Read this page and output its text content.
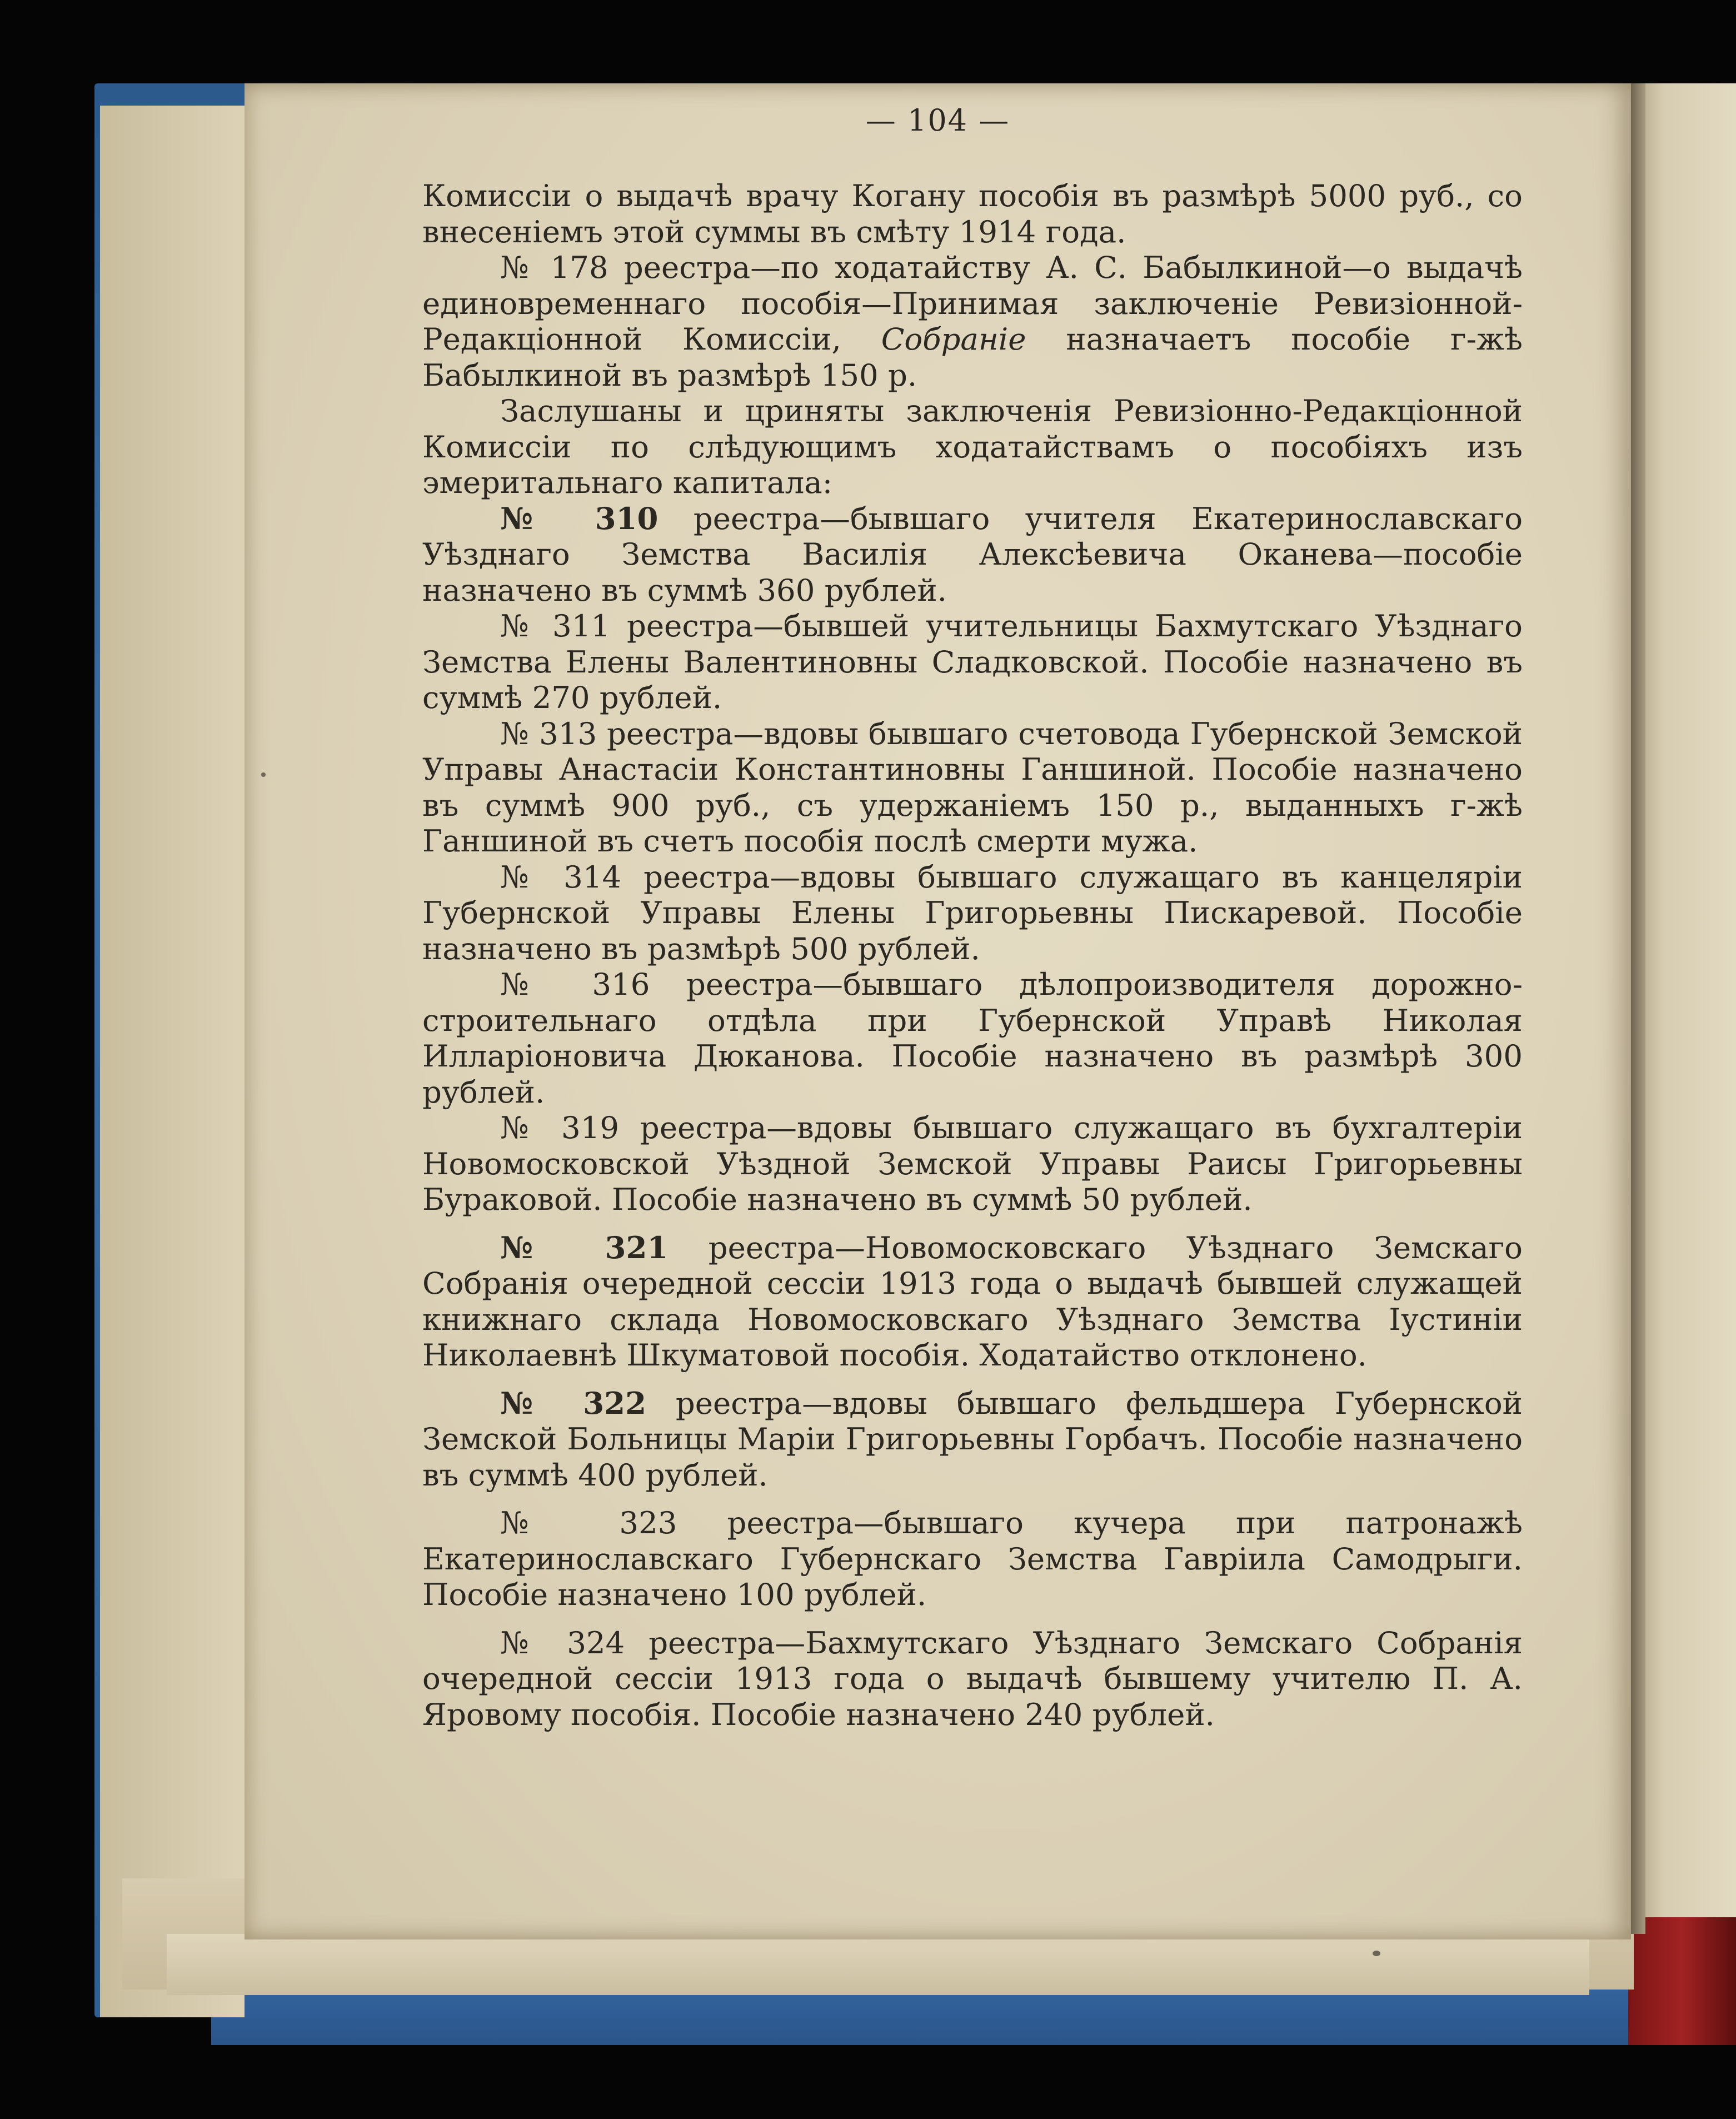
— 104 —

Комиссіи о выдачѣ врачу Когану пособія въ размѣрѣ 5000 руб., со внесеніемъ этой суммы въ смѣту 1914 года.

№ 178 реестра—по ходатайству А. С. Бабылкиной—о выдачѣ единовременнаго пособія—Принимая заключеніе Ревизіонной-Редакціонной Комиссіи, Собраніе назначаетъ пособіе г-жѣ Бабылкиной въ размѣрѣ 150 р.

Заслушаны и цриняты заключенія Ревизіонно-Редакціонной Комиссіи по слѣдующимъ ходатайствамъ о пособіяхъ изъ эмеритальнаго капитала:

№ 310 реестра—бывшаго учителя Екатеринославскаго Уѣзднаго Земства Василія Алексѣевича Оканева—пособіе назначено въ суммѣ 360 рублей.

№ 311 реестра—бывшей учительницы Бахмутскаго Уѣзднаго Земства Елены Валентиновны Сладковской. Пособіе назначено въ суммѣ 270 рублей.

№ 313 реестра—вдовы бывшаго счетовода Губернской Земской Управы Анастасіи Константиновны Ганшиной. Пособіе назначено въ суммѣ 900 руб., съ удержаніемъ 150 р., выданныхъ г-жѣ Ганшиной въ счетъ пособія послѣ смерти мужа.

№ 314 реестра—вдовы бывшаго служащаго въ канцеляріи Губернской Управы Елены Григорьевны Пискаревой. Пособіе назначено въ размѣрѣ 500 рублей.

№ 316 реестра—бывшаго дѣлопроизводителя дорожно-строительнаго отдѣла при Губернской Управѣ Николая Илларіоновича Дюканова. Пособіе назначено въ размѣрѣ 300 рублей.

№ 319 реестра—вдовы бывшаго служащаго въ бухгалтеріи Новомосковской Уѣздной Земской Управы Раисы Григорьевны Бураковой. Пособіе назначено въ суммѣ 50 рублей.

№ 321 реестра—Новомосковскаго Уѣзднаго Земскаго Собранія очередной сессіи 1913 года о выдачѣ бывшей служащей книжнаго склада Новомосковскаго Уѣзднаго Земства Іустиніи Николаевнѣ Шкуматовой пособія. Ходатайство отклонено.

№ 322 реестра—вдовы бывшаго фельдшера Губернской Земской Больницы Маріи Григорьевны Горбачъ. Пособіе назначено въ суммѣ 400 рублей.

№ 323 реестра—бывшаго кучера при патронажѣ Екатеринославскаго Губернскаго Земства Гавріила Самодрыги. Пособіе назначено 100 рублей.

№ 324 реестра—Бахмутскаго Уѣзднаго Земскаго Собранія очередной сессіи 1913 года о выдачѣ бывшему учителю П. А. Яровому пособія. Пособіе назначено 240 рублей.
